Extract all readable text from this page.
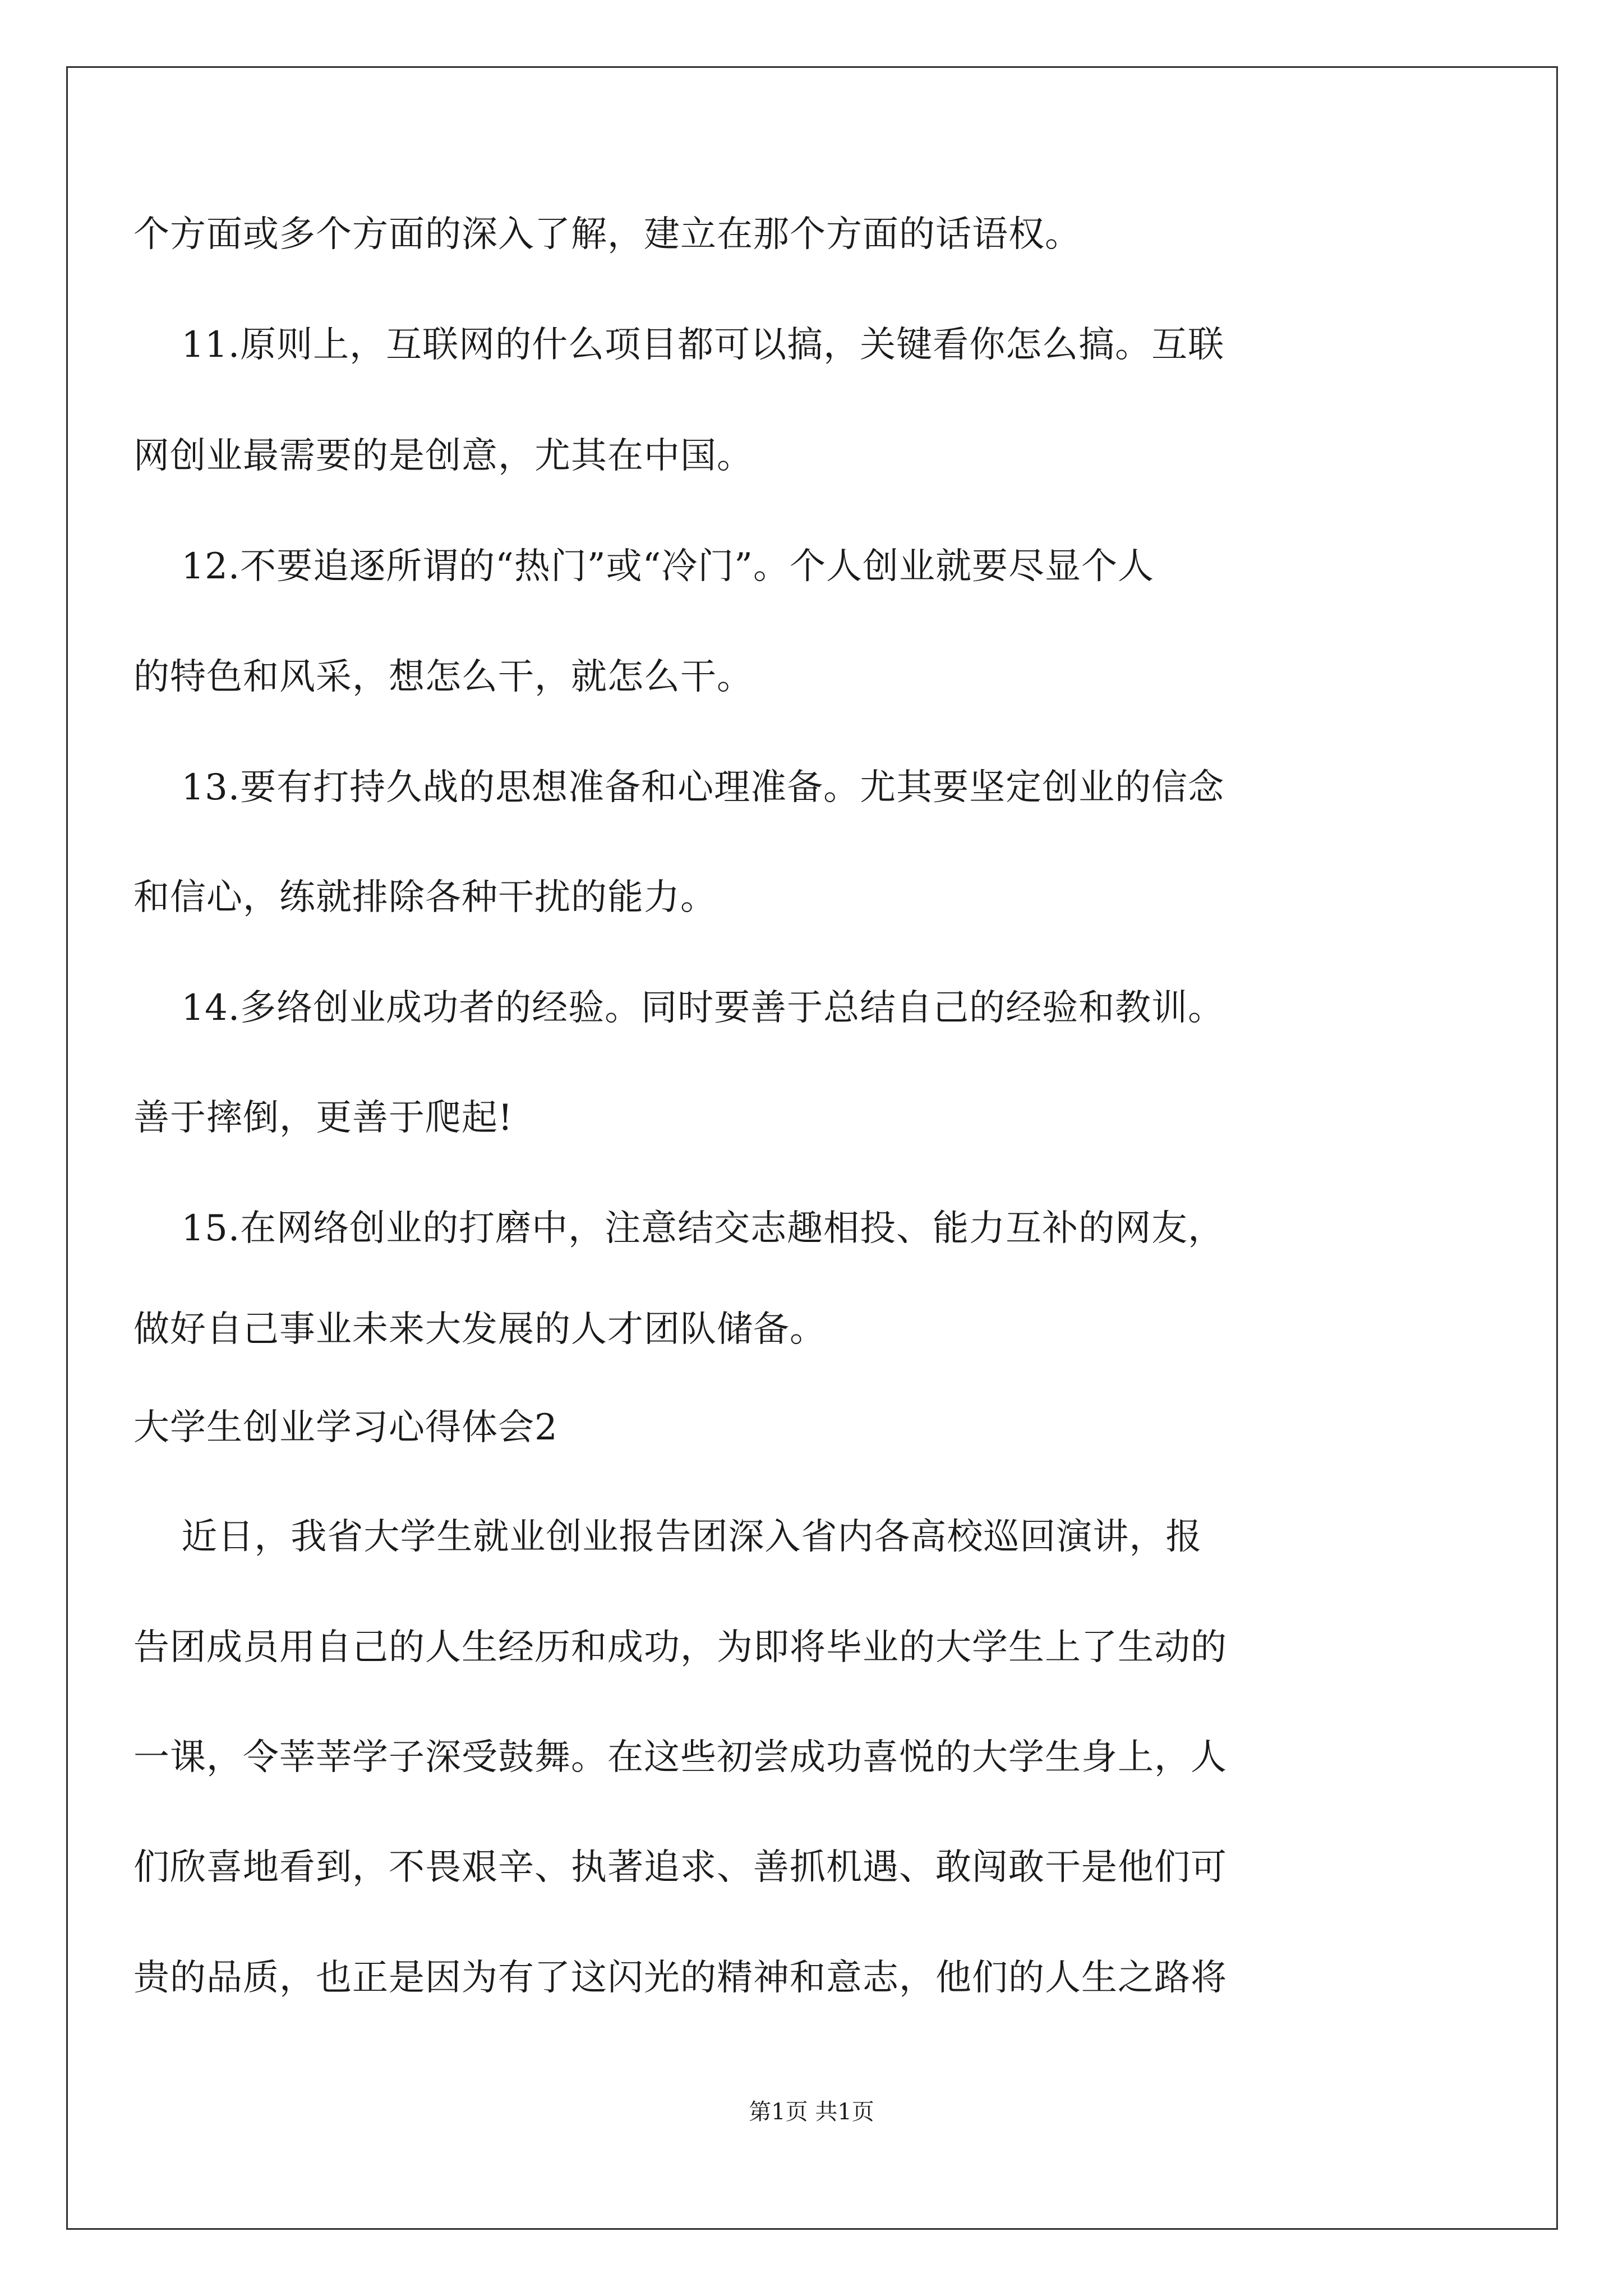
个方面或多个方面的深入了解，建立在那个方面的话语权。
11.原则上，互联网的什么项目都可以搞，关键看你怎么搞。互联
网创业最需要的是创意，尤其在中国。
12.不要追逐所谓的“热门”或“冷门”。个人创业就要尽显个人
的特色和风采，想怎么干，就怎么干。
13.要有打持久战的思想准备和心理准备。尤其要坚定创业的信念
和信心，练就排除各种干扰的能力。
14.多络创业成功者的经验。同时要善于总结自己的经验和教训。
善于摔倒，更善于爬起!
15.在网络创业的打磨中，注意结交志趣相投、能力互补的网友，
做好自己事业未来大发展的人才团队储备。
大学生创业学习心得体会2
近日，我省大学生就业创业报告团深入省内各高校巡回演讲，报
告团成员用自己的人生经历和成功，为即将毕业的大学生上了生动的
一课，令莘莘学子深受鼓舞。在这些初尝成功喜悦的大学生身上，人
们欣喜地看到，不畏艰辛、执著追求、善抓机遇、敢闯敢干是他们可
贵的品质，也正是因为有了这闪光的精神和意志，他们的人生之路将
第1页 共1页
